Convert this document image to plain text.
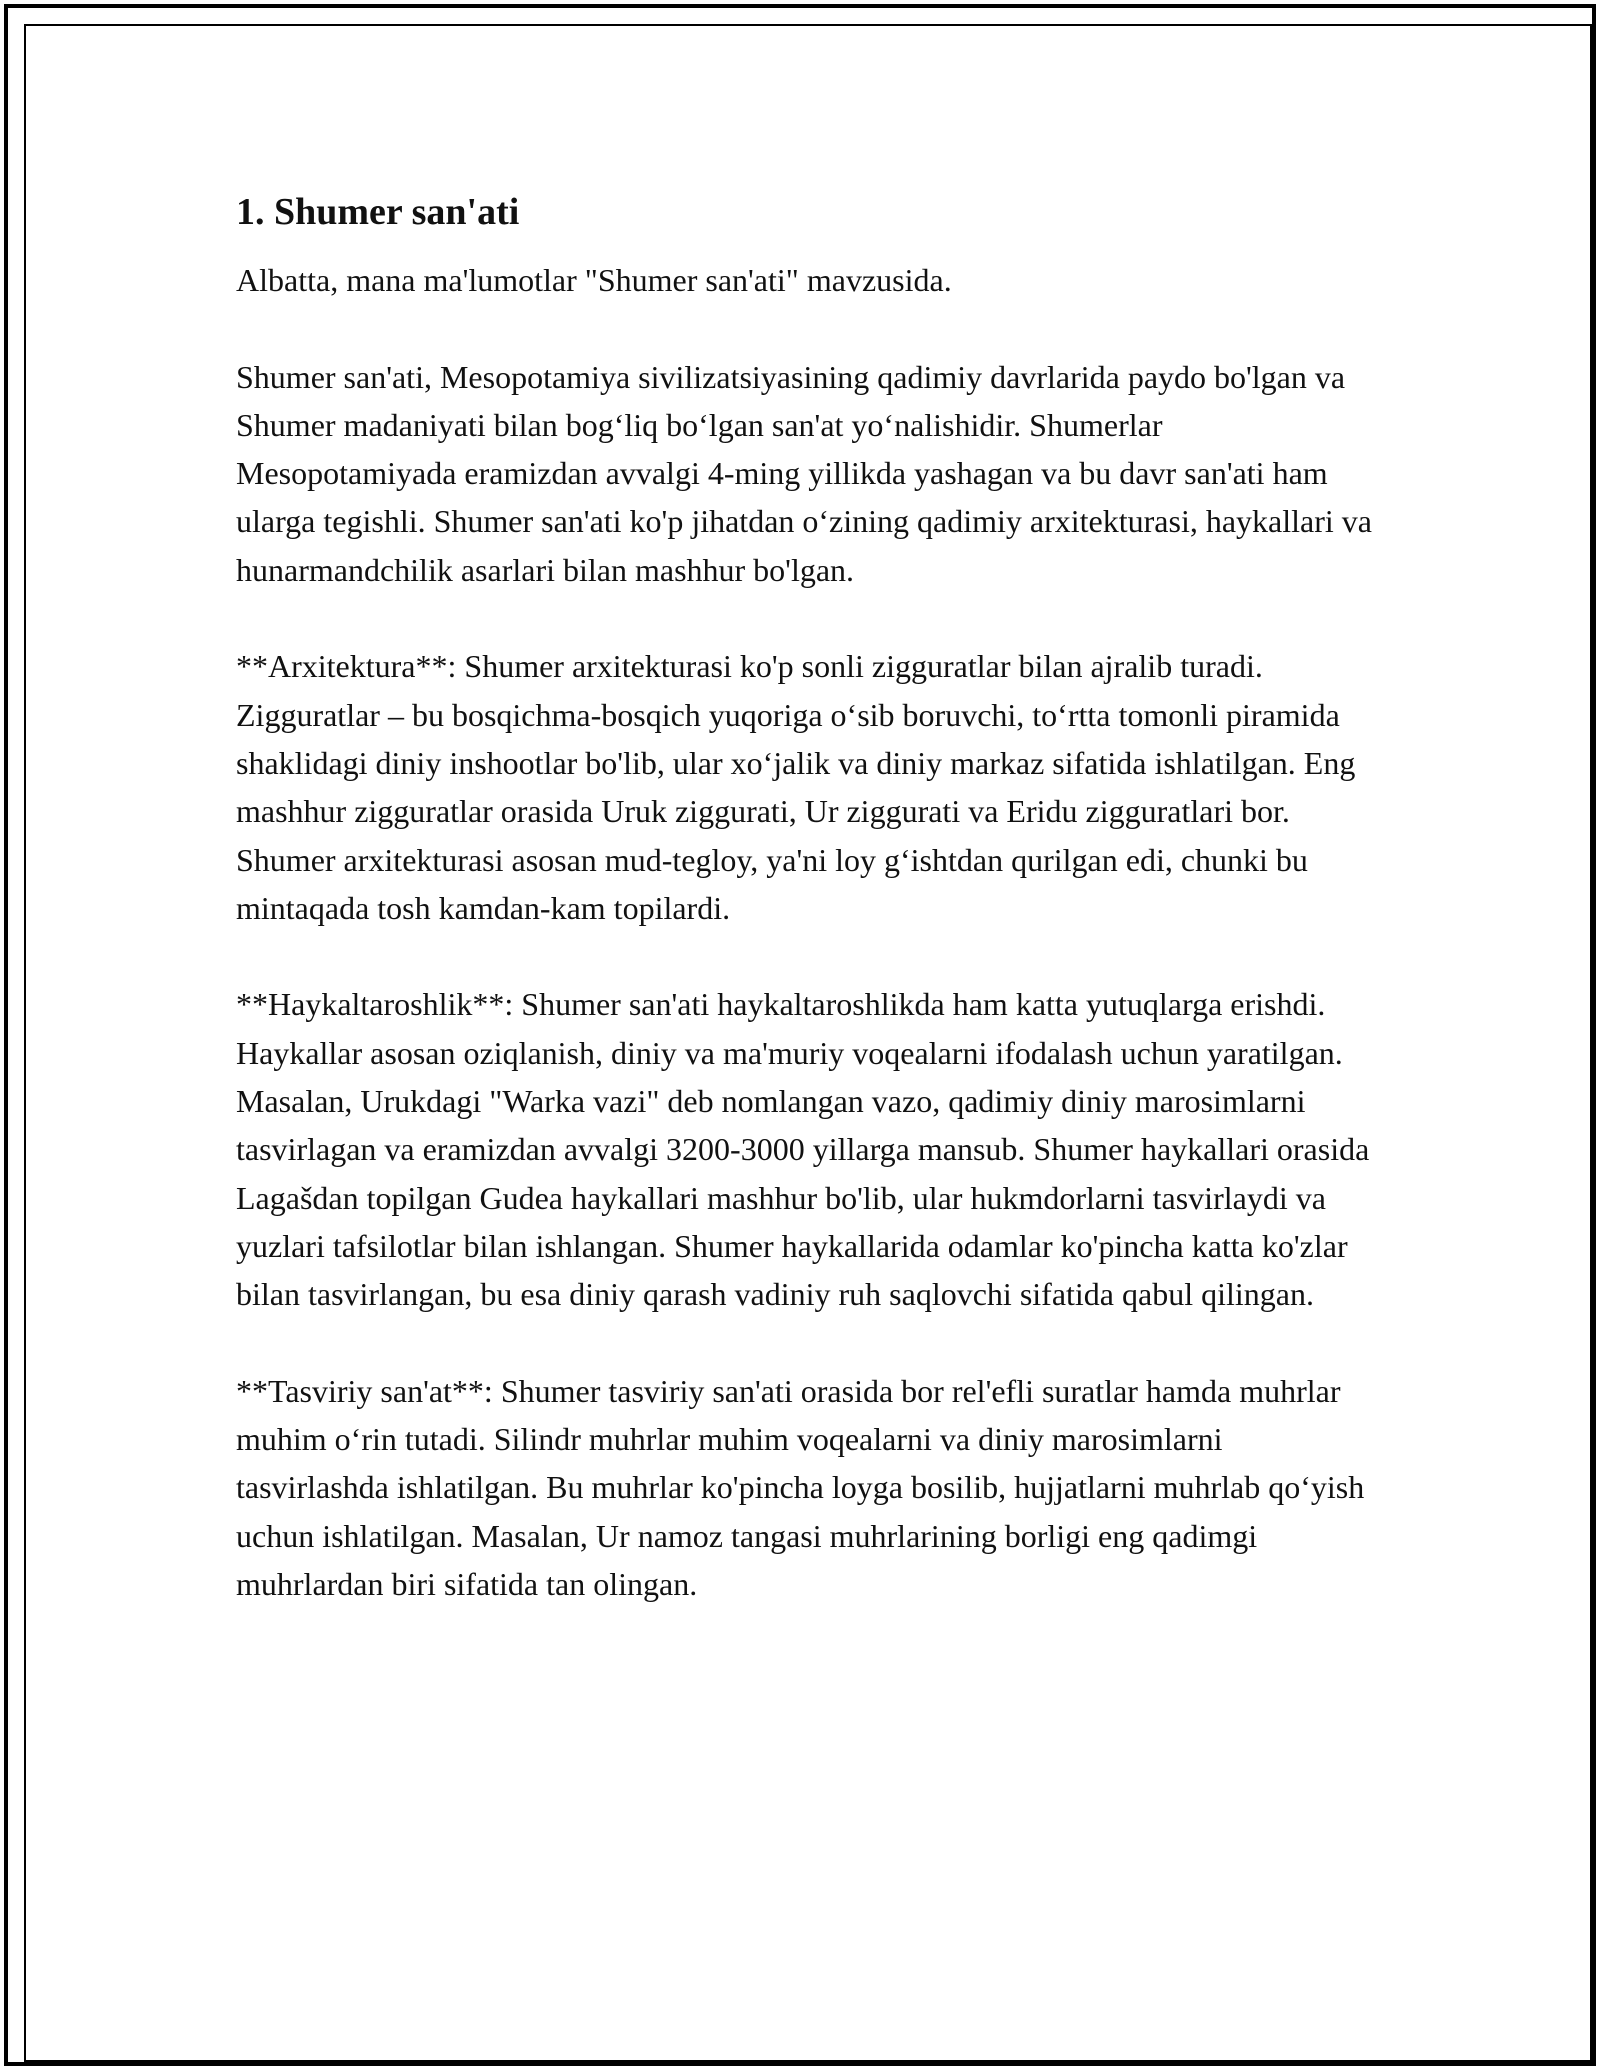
1. Shumer san'ati

Albatta, mana ma'lumotlar "Shumer san'ati" mavzusida.

Shumer san'ati, Mesopotamiya sivilizatsiyasining qadimiy davrlarida paydo bo'lgan va Shumer madaniyati bilan bog‘liq bo‘lgan san'at yo‘nalishidir. Shumerlar Mesopotamiyada eramizdan avvalgi 4-ming yillikda yashagan va bu davr san'ati ham ularga tegishli. Shumer san'ati ko'p jihatdan o‘zining qadimiy arxitekturasi, haykallari va hunarmandchilik asarlari bilan mashhur bo'lgan.

**Arxitektura**: Shumer arxitekturasi ko'p sonli zigguratlar bilan ajralib turadi. Zigguratlar – bu bosqichma-bosqich yuqoriga o‘sib boruvchi, to‘rtta tomonli piramida shaklidagi diniy inshootlar bo'lib, ular xo‘jalik va diniy markaz sifatida ishlatilgan. Eng mashhur zigguratlar orasida Uruk ziggurati, Ur ziggurati va Eridu zigguratlari bor. Shumer arxitekturasi asosan mud-tegloy, ya'ni loy g‘ishtdan qurilgan edi, chunki bu mintaqada tosh kamdan-kam topilardi.

**Haykaltaroshlik**: Shumer san'ati haykaltaroshlikda ham katta yutuqlarga erishdi. Haykallar asosan oziqlanish, diniy va ma'muriy voqealarni ifodalash uchun yaratilgan. Masalan, Urukdagi "Warka vazi" deb nomlangan vazo, qadimiy diniy marosimlarni tasvirlagan va eramizdan avvalgi 3200-3000 yillarga mansub. Shumer haykallari orasida Lagašdan topilgan Gudea haykallari mashhur bo'lib, ular hukmdorlarni tasvirlaydi va yuzlari tafsilotlar bilan ishlangan. Shumer haykallarida odamlar ko'pincha katta ko'zlar bilan tasvirlangan, bu esa diniy qarash vadiniy ruh saqlovchi sifatida qabul qilingan.

**Tasviriy san'at**: Shumer tasviriy san'ati orasida bor rel'efli suratlar hamda muhrlar muhim o‘rin tutadi. Silindr muhrlar muhim voqealarni va diniy marosimlarni tasvirlashda ishlatilgan. Bu muhrlar ko'pincha loyga bosilib, hujjatlarni muhrlab qo‘yish uchun ishlatilgan. Masalan, Ur namoz tangasi muhrlarining borligi eng qadimgi muhrlardan biri sifatida tan olingan.
